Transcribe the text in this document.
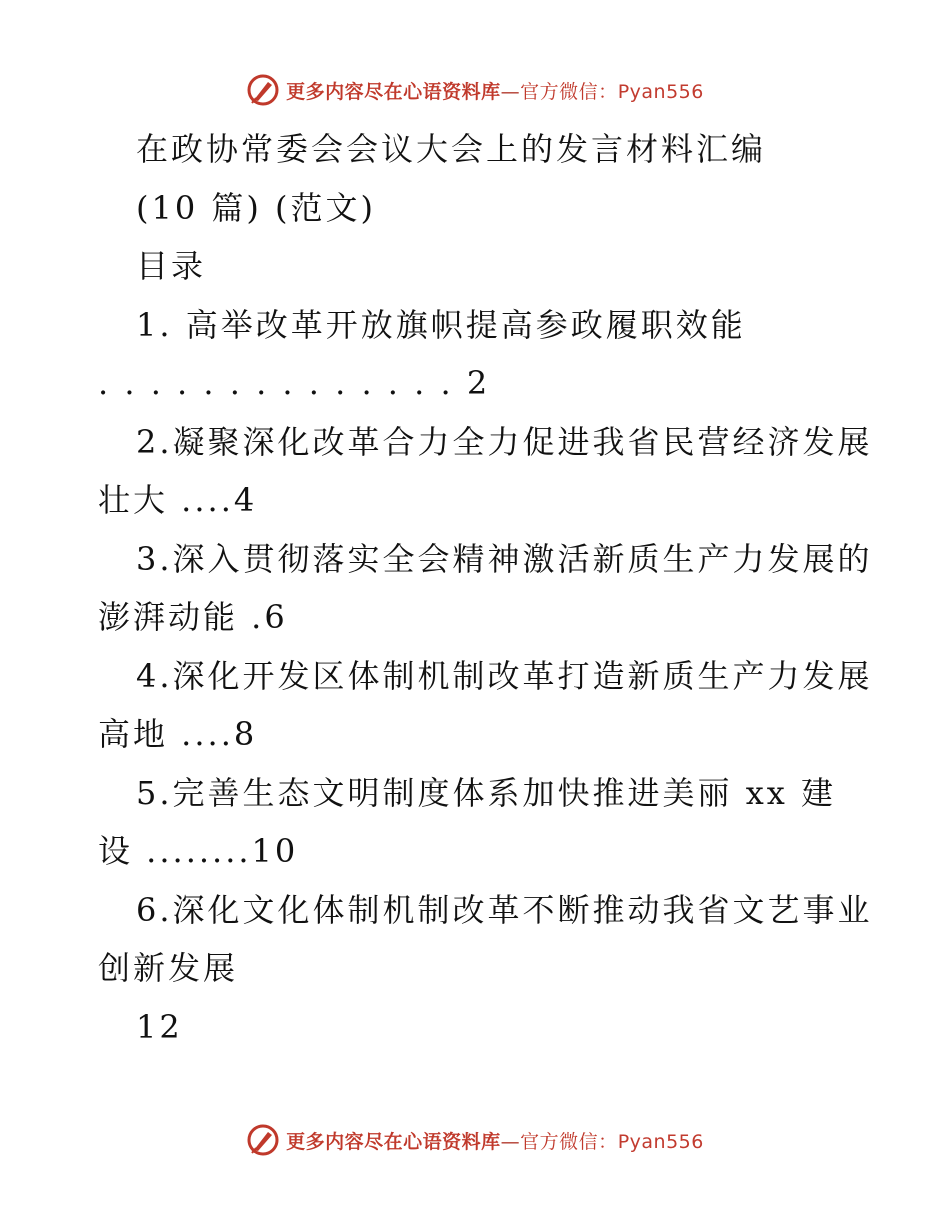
更多内容尽在心语资料库—官方微信：Pyan556
在政协常委会会议大会上的发言材料汇编
(10 篇) (范文)
目录
1. 高举改革开放旗帜提高参政履职效能
. . . . . . . . . . . . . . 2
2.凝聚深化改革合力全力促进我省民营经济发展
壮大 ....4
3.深入贯彻落实全会精神激活新质生产力发展的
澎湃动能 .6
4.深化开发区体制机制改革打造新质生产力发展
高地 ....8
5.完善生态文明制度体系加快推进美丽 xx 建
设 ........10
6.深化文化体制机制改革不断推动我省文艺事业
创新发展
12
更多内容尽在心语资料库—官方微信：Pyan556
